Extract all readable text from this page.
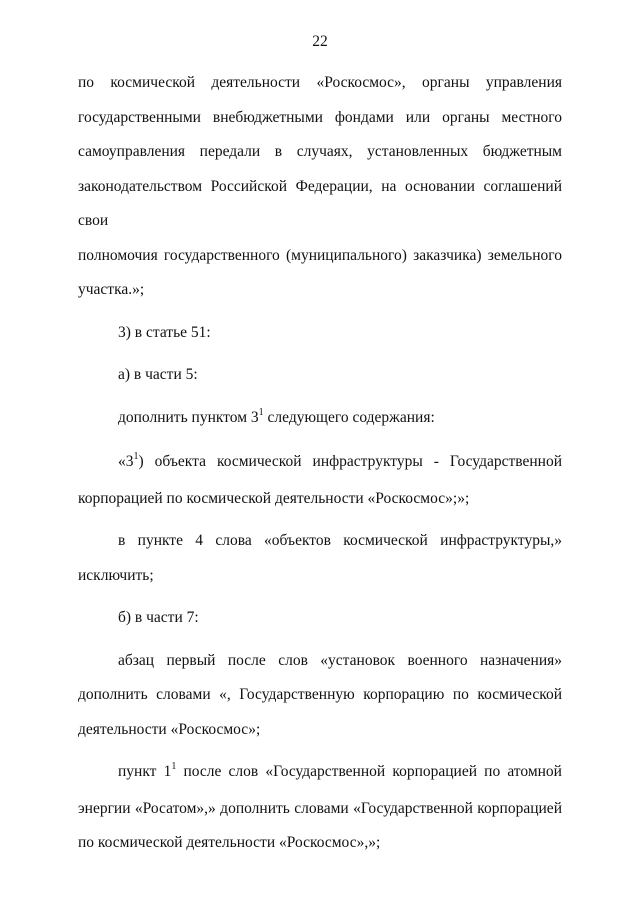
22

по космической деятельности «Роскосмос», органы управления
государственными внебюджетными фондами или органы местного
самоуправления передали в случаях, установленных бюджетным
законодательством Российской Федерации, на основании соглашений свои
полномочия государственного (муниципального) заказчика) земельного
участка.»;

3) в статье 51:

а) в части 5:

дополнить пунктом $3^1$ следующего содержания:

«$3^1$) объекта космической инфраструктуры - Государственной
корпорацией по космической деятельности «Роскосмос»;»;

в пункте 4 слова «объектов космической инфраструктуры,»
исключить;

б) в части 7:

абзац первый после слов «установок военного назначения»
дополнить словами «, Государственную корпорацию по космической
деятельности «Роскосмос»;

пункт $1^1$ после слов «Государственной корпорацией по атомной
энергии «Росатом»,» дополнить словами «Государственной корпорацией
по космической деятельности «Роскосмос»,»;
